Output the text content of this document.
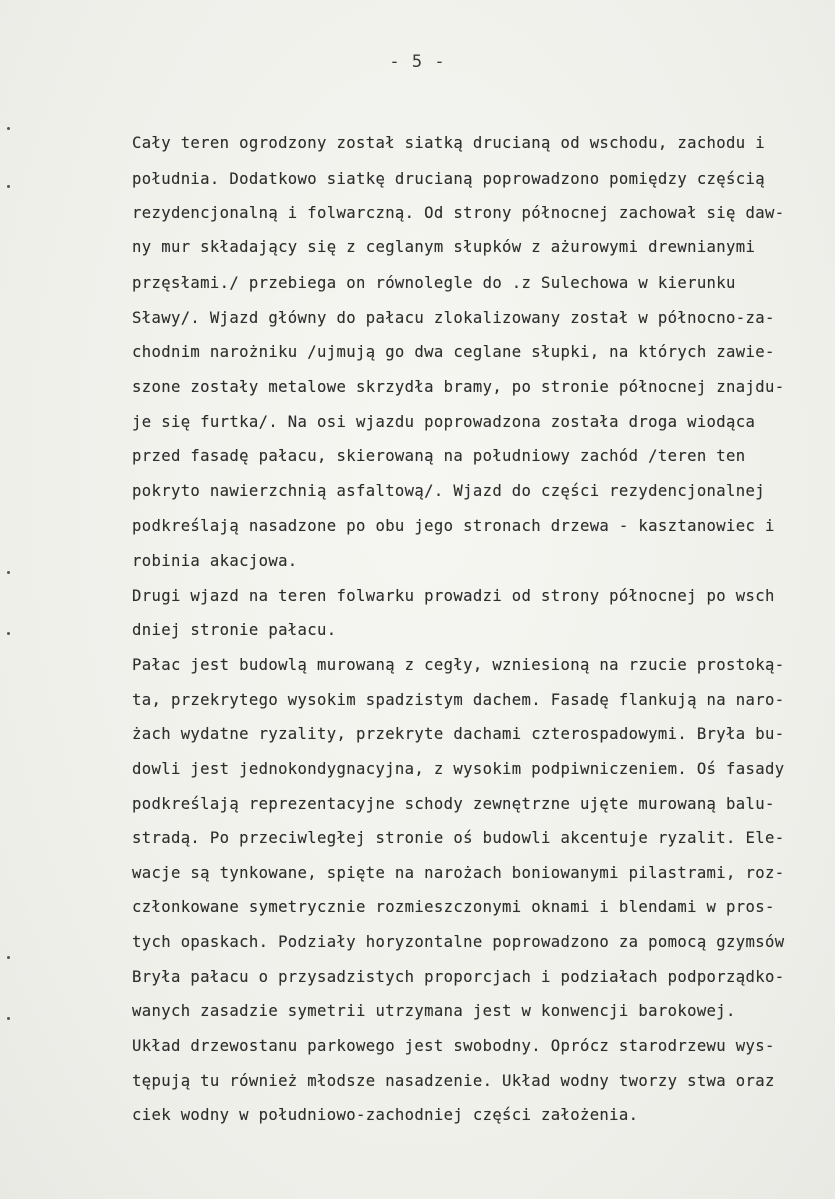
- 5 -
Cały teren ogrodzony został siatką drucianą od wschodu, zachodu i
południa. Dodatkowo siatkę drucianą poprowadzono pomiędzy częścią
rezydencjonalną i folwarczną. Od strony północnej zachował się daw-
ny mur składający się z ceglanym słupków z ażurowymi drewnianymi
przęsłami./ przebiega on równolegle do .z Sulechowa w kierunku
Sławy/. Wjazd główny do pałacu zlokalizowany został w północno-za-
chodnim narożniku /ujmują go dwa ceglane słupki, na których zawie-
szone zostały metalowe skrzydła bramy, po stronie północnej znajdu-
je się furtka/. Na osi wjazdu poprowadzona została droga wiodąca
przed fasadę pałacu, skierowaną na południowy zachód /teren ten
pokryto nawierzchnią asfaltową/. Wjazd do części rezydencjonalnej
podkreślają nasadzone po obu jego stronach drzewa - kasztanowiec i
robinia akacjowa.
Drugi wjazd na teren folwarku prowadzi od strony północnej po wsch
dniej stronie pałacu.
Pałac jest budowlą murowaną z cegły, wzniesioną na rzucie prostoką-
ta, przekrytego wysokim spadzistym dachem. Fasadę flankują na naro-
żach wydatne ryzality, przekryte dachami czterospadowymi. Bryła bu-
dowli jest jednokondygnacyjna, z wysokim podpiwniczeniem. Oś fasady
podkreślają reprezentacyjne schody zewnętrzne ujęte murowaną balu-
stradą. Po przeciwległej stronie oś budowli akcentuje ryzalit. Ele-
wacje są tynkowane, spięte na narożach boniowanymi pilastrami, roz-
członkowane symetrycznie rozmieszczonymi oknami i blendami w pros-
tych opaskach. Podziały horyzontalne poprowadzono za pomocą gzymsów
Bryła pałacu o przysadzistych proporcjach i podziałach podporządko-
wanych zasadzie symetrii utrzymana jest w konwencji barokowej.
Układ drzewostanu parkowego jest swobodny. Oprócz starodrzewu wys-
tępują tu również młodsze nasadzenie. Układ wodny tworzy stwa oraz
ciek wodny w południowo-zachodniej części założenia.
